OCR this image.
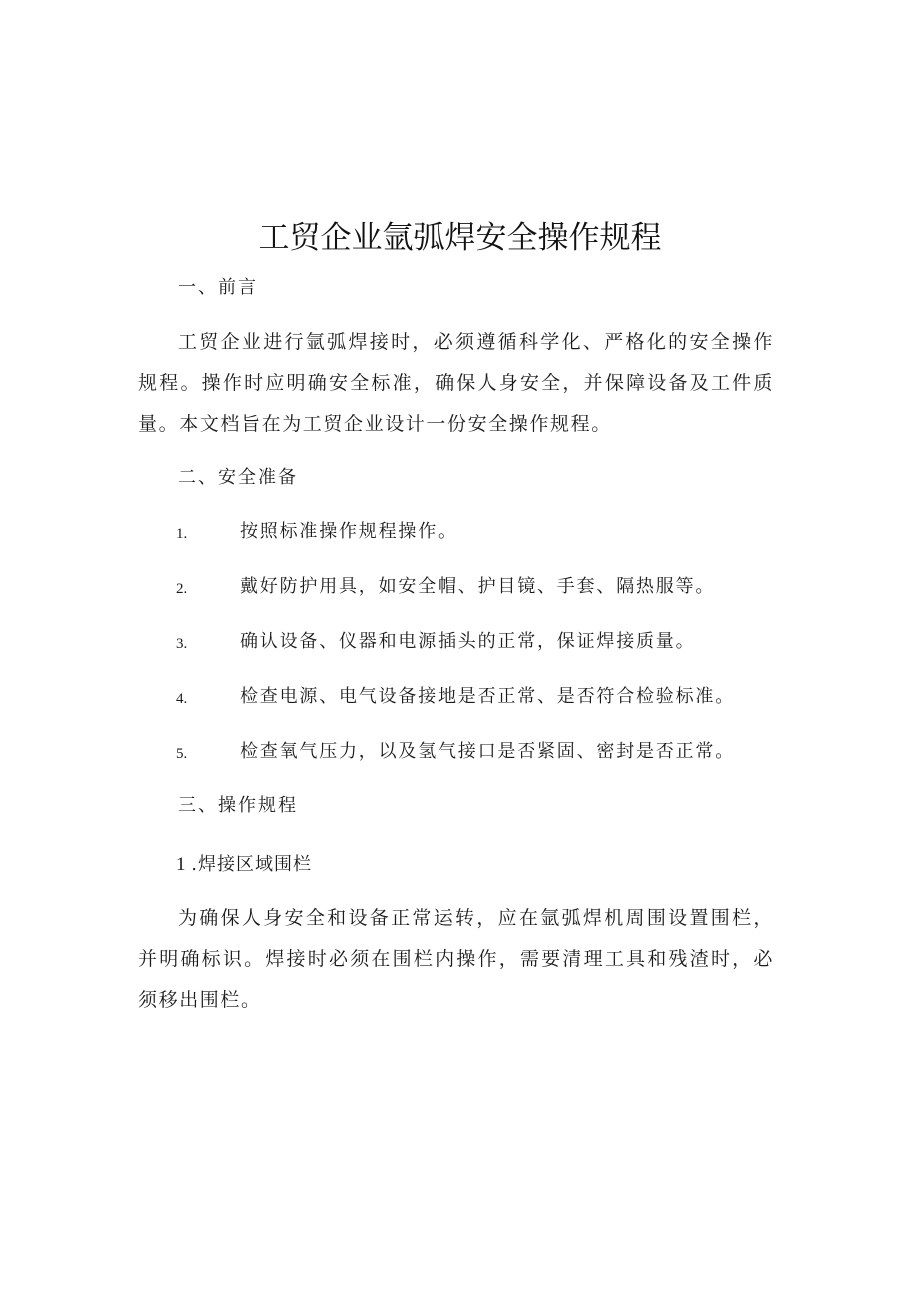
工贸企业氩弧焊安全操作规程
一、前言
工贸企业进行氩弧焊接时，必须遵循科学化、严格化的安全操作规程。操作时应明确安全标准，确保人身安全，并保障设备及工件质量。本文档旨在为工贸企业设计一份安全操作规程。
二、安全准备
1.	按照标准操作规程操作。
2.	戴好防护用具，如安全帽、护目镜、手套、隔热服等。
3.	确认设备、仪器和电源插头的正常，保证焊接质量。
4.	检查电源、电气设备接地是否正常、是否符合检验标准。
5.	检查氧气压力，以及氢气接口是否紧固、密封是否正常。
三、操作规程
1 .焊接区域围栏
为确保人身安全和设备正常运转，应在氩弧焊机周围设置围栏，并明确标识。焊接时必须在围栏内操作，需要清理工具和残渣时，必须移出围栏。
